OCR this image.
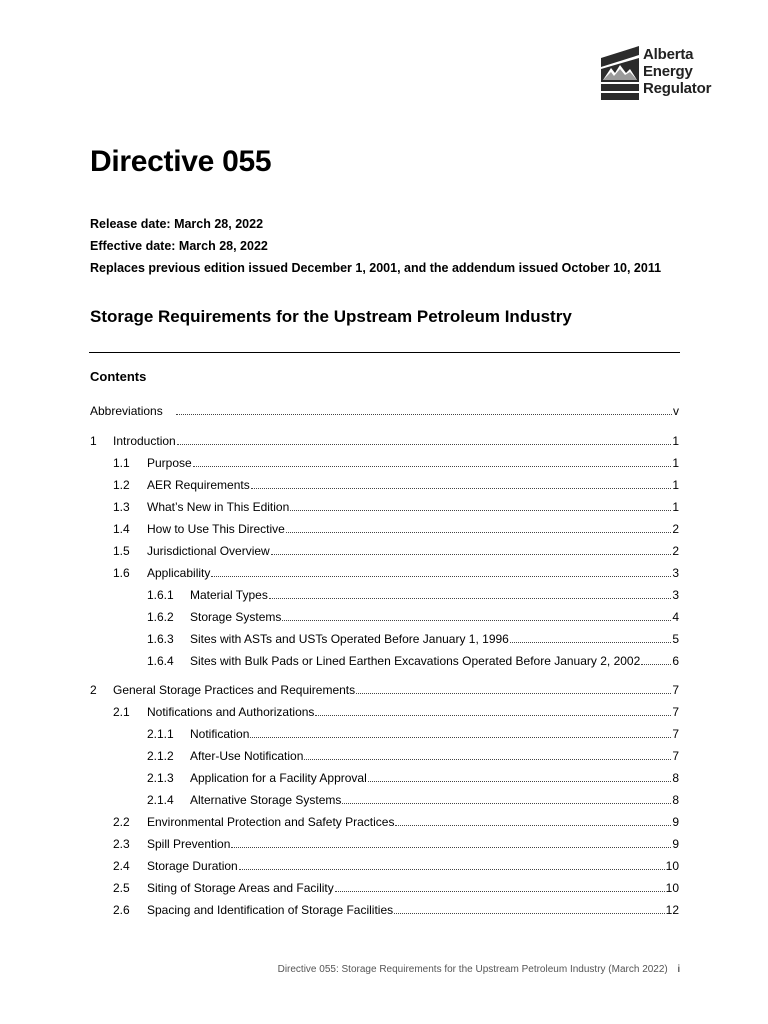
Alberta
Energy
Regulator
Directive 055
Release date: March 28, 2022
Effective date: March 28, 2022
Replaces previous edition issued December 1, 2001, and the addendum issued October 10, 2011
Storage Requirements for the Upstream Petroleum Industry
Contents
Abbreviations	v
1 Introduction	1
1.1 Purpose	1
1.2 AER Requirements	1
1.3 What’s New in This Edition	1
1.4 How to Use This Directive	2
1.5 Jurisdictional Overview	2
1.6 Applicability	3
1.6.1 Material Types	3
1.6.2 Storage Systems	4
1.6.3 Sites with ASTs and USTs Operated Before January 1, 1996	5
1.6.4 Sites with Bulk Pads or Lined Earthen Excavations Operated Before January 2, 2002	6
2 General Storage Practices and Requirements	7
2.1 Notifications and Authorizations	7
2.1.1 Notification	7
2.1.2 After-Use Notification	7
2.1.3 Application for a Facility Approval	8
2.1.4 Alternative Storage Systems	8
2.2 Environmental Protection and Safety Practices	9
2.3 Spill Prevention	9
2.4 Storage Duration	10
2.5 Siting of Storage Areas and Facility	10
2.6 Spacing and Identification of Storage Facilities	12
Directive 055: Storage Requirements for the Upstream Petroleum Industry (March 2022) i
